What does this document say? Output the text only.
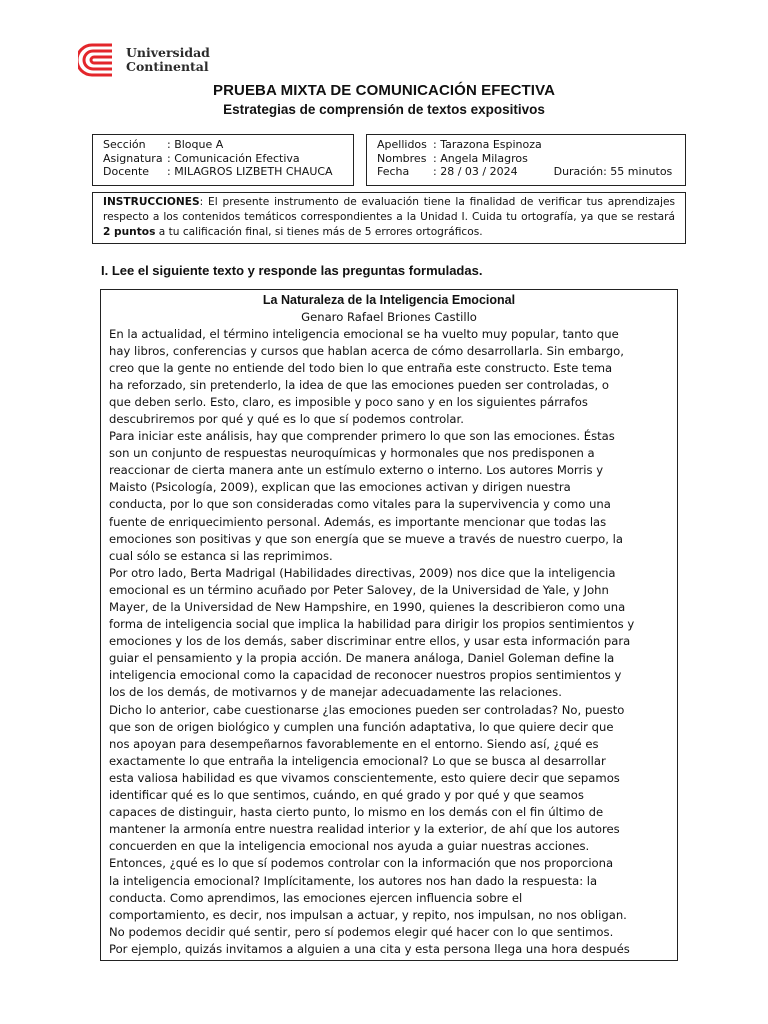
Universidad
Continental
PRUEBA MIXTA DE COMUNICACIÓN EFECTIVA
Estrategias de comprensión de textos expositivos
Sección	: Bloque A
Asignatura : Comunicación Efectiva
Docente	: MILAGROS LIZBETH CHAUCA
Apellidos : Tarazona Espinoza
Nombres : Angela Milagros
Fecha	: 28 / 03 / 2024	Duración: 55 minutos
INSTRUCCIONES: El presente instrumento de evaluación tiene la finalidad de verificar tus aprendizajes respecto a los contenidos temáticos correspondientes a la Unidad I. Cuida tu ortografía, ya que se restará 2 puntos a tu calificación final, si tienes más de 5 errores ortográficos.
I. Lee el siguiente texto y responde las preguntas formuladas.
La Naturaleza de la Inteligencia Emocional
Genaro Rafael Briones Castillo
En la actualidad, el término inteligencia emocional se ha vuelto muy popular, tanto que
hay libros, conferencias y cursos que hablan acerca de cómo desarrollarla. Sin embargo,
creo que la gente no entiende del todo bien lo que entraña este constructo. Este tema
ha reforzado, sin pretenderlo, la idea de que las emociones pueden ser controladas, o
que deben serlo. Esto, claro, es imposible y poco sano y en los siguientes párrafos
descubriremos por qué y qué es lo que sí podemos controlar.
Para iniciar este análisis, hay que comprender primero lo que son las emociones. Éstas
son un conjunto de respuestas neuroquímicas y hormonales que nos predisponen a
reaccionar de cierta manera ante un estímulo externo o interno. Los autores Morris y
Maisto (Psicología, 2009), explican que las emociones activan y dirigen nuestra
conducta, por lo que son consideradas como vitales para la supervivencia y como una
fuente de enriquecimiento personal. Además, es importante mencionar que todas las
emociones son positivas y que son energía que se mueve a través de nuestro cuerpo, la
cual sólo se estanca si las reprimimos.
Por otro lado, Berta Madrigal (Habilidades directivas, 2009) nos dice que la inteligencia
emocional es un término acuñado por Peter Salovey, de la Universidad de Yale, y John
Mayer, de la Universidad de New Hampshire, en 1990, quienes la describieron como una
forma de inteligencia social que implica la habilidad para dirigir los propios sentimientos y
emociones y los de los demás, saber discriminar entre ellos, y usar esta información para
guiar el pensamiento y la propia acción. De manera análoga, Daniel Goleman define la
inteligencia emocional como la capacidad de reconocer nuestros propios sentimientos y
los de los demás, de motivarnos y de manejar adecuadamente las relaciones.
Dicho lo anterior, cabe cuestionarse ¿las emociones pueden ser controladas? No, puesto
que son de origen biológico y cumplen una función adaptativa, lo que quiere decir que
nos apoyan para desempeñarnos favorablemente en el entorno. Siendo así, ¿qué es
exactamente lo que entraña la inteligencia emocional? Lo que se busca al desarrollar
esta valiosa habilidad es que vivamos conscientemente, esto quiere decir que sepamos
identificar qué es lo que sentimos, cuándo, en qué grado y por qué y que seamos
capaces de distinguir, hasta cierto punto, lo mismo en los demás con el fin último de
mantener la armonía entre nuestra realidad interior y la exterior, de ahí que los autores
concuerden en que la inteligencia emocional nos ayuda a guiar nuestras acciones.
Entonces, ¿qué es lo que sí podemos controlar con la información que nos proporciona
la inteligencia emocional? Implícitamente, los autores nos han dado la respuesta: la
conducta. Como aprendimos, las emociones ejercen influencia sobre el
comportamiento, es decir, nos impulsan a actuar, y repito, nos impulsan, no nos obligan.
No podemos decidir qué sentir, pero sí podemos elegir qué hacer con lo que sentimos.
Por ejemplo, quizás invitamos a alguien a una cita y esta persona llega una hora después
